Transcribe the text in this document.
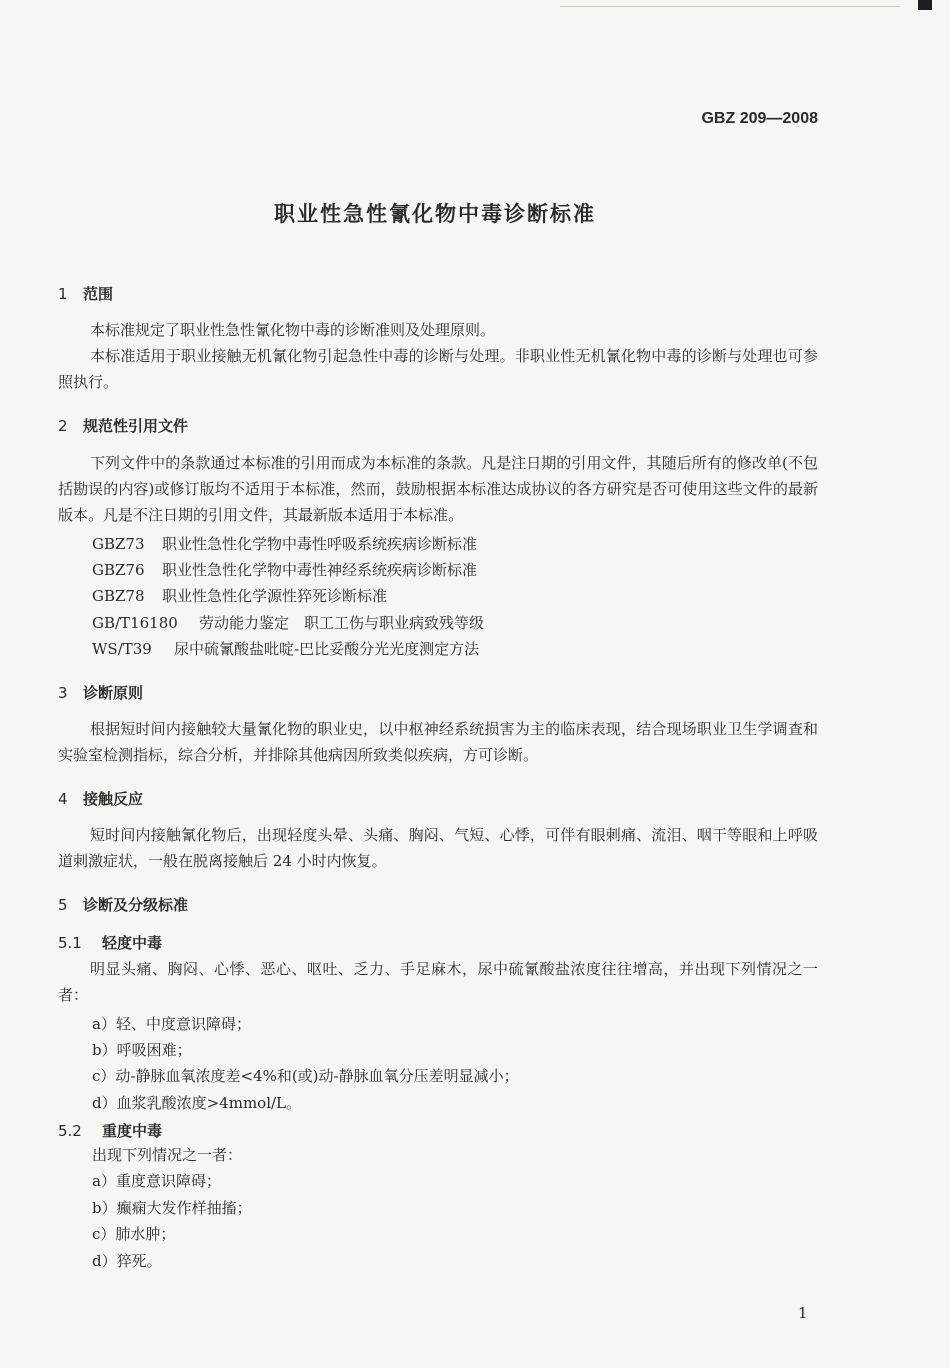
GBZ 209—2008
职业性急性氰化物中毒诊断标准
1 范围
本标准规定了职业性急性氰化物中毒的诊断准则及处理原则。
本标准适用于职业接触无机氰化物引起急性中毒的诊断与处理。非职业性无机氰化物中毒的诊断与处理也可参照执行。
2 规范性引用文件
下列文件中的条款通过本标准的引用而成为本标准的条款。凡是注日期的引用文件，其随后所有的修改单(不包括勘误的内容)或修订版均不适用于本标准，然而，鼓励根据本标准达成协议的各方研究是否可使用这些文件的最新版本。凡是不注日期的引用文件，其最新版本适用于本标准。
GBZ73 职业性急性化学物中毒性呼吸系统疾病诊断标准
GBZ76 职业性急性化学物中毒性神经系统疾病诊断标准
GBZ78 职业性急性化学源性猝死诊断标准
GB/T16180 劳动能力鉴定　职工工伤与职业病致残等级
WS/T39 尿中硫氰酸盐吡啶-巴比妥酸分光光度测定方法
3 诊断原则
根据短时间内接触较大量氰化物的职业史，以中枢神经系统损害为主的临床表现，结合现场职业卫生学调查和实验室检测指标，综合分析，并排除其他病因所致类似疾病，方可诊断。
4 接触反应
短时间内接触氰化物后，出现轻度头晕、头痛、胸闷、气短、心悸，可伴有眼刺痛、流泪、咽干等眼和上呼吸道刺激症状，一般在脱离接触后 24 小时内恢复。
5 诊断及分级标准
5.1 轻度中毒
明显头痛、胸闷、心悸、恶心、呕吐、乏力、手足麻木，尿中硫氰酸盐浓度往往增高，并出现下列情况之一者：
a）轻、中度意识障碍；
b）呼吸困难；
c）动-静脉血氧浓度差<4%和(或)动-静脉血氧分压差明显减小；
d）血浆乳酸浓度>4mmol/L。
5.2 重度中毒
出现下列情况之一者：
a）重度意识障碍；
b）癫痫大发作样抽搐；
c）肺水肿；
d）猝死。
1
